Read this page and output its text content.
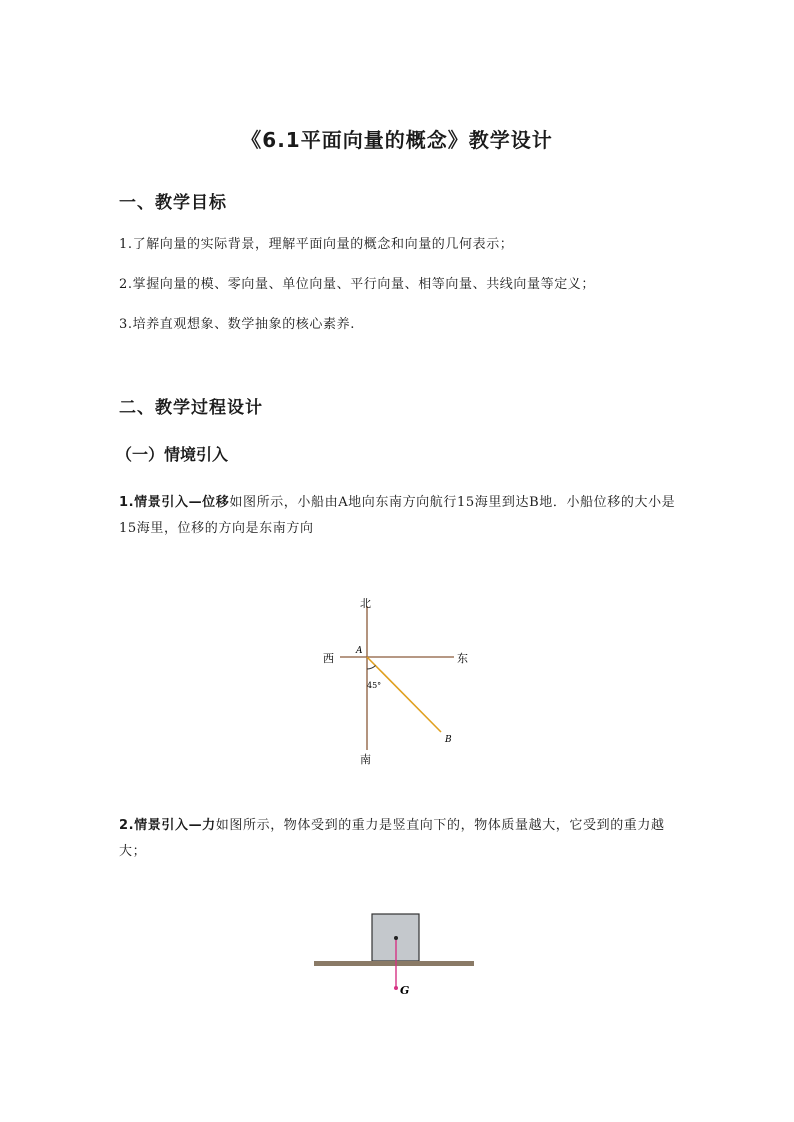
《6.1平面向量的概念》教学设计
一、教学目标
1.了解向量的实际背景，理解平面向量的概念和向量的几何表示；
2.掌握向量的模、零向量、单位向量、平行向量、相等向量、共线向量等定义；
3.培养直观想象、数学抽象的核心素养.
二、教学过程设计
（一）情境引入
1.情景引入—位移如图所示，小船由A地向东南方向航行15海里到达B地．小船位移的大小是15海里，位移的方向是东南方向
北
南
西	东
A
B
45°
2.情景引入—力如图所示，物体受到的重力是竖直向下的，物体质量越大，它受到的重力越大；
G
